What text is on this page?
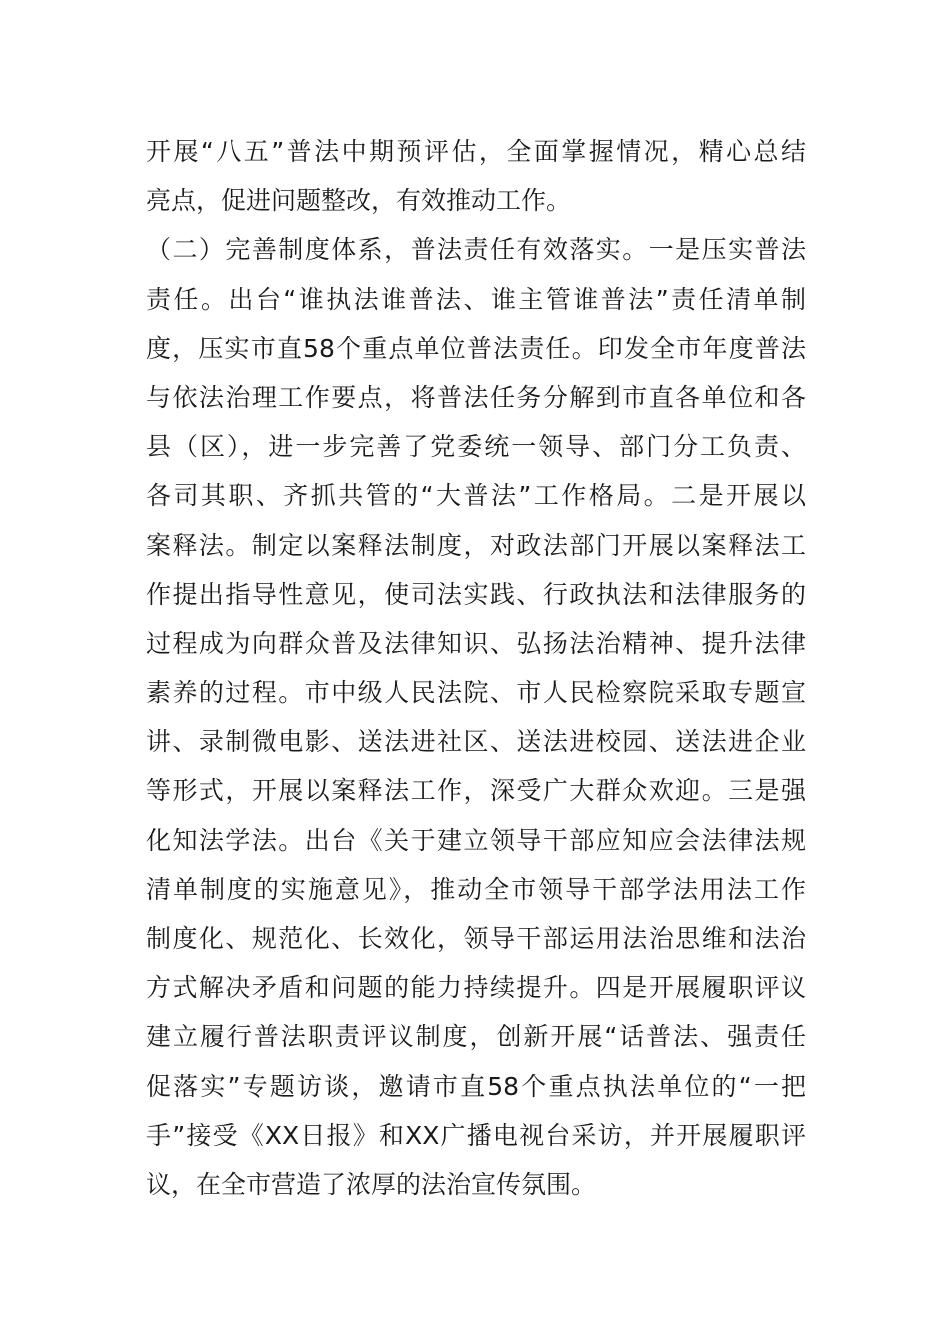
开展“八五”普法中期预评估，全面掌握情况，精心总结
亮点，促进问题整改，有效推动工作。
（二）完善制度体系，普法责任有效落实。一是压实普法
责任。出台“谁执法谁普法、谁主管谁普法”责任清单制
度，压实市直58个重点单位普法责任。印发全市年度普法
与依法治理工作要点，将普法任务分解到市直各单位和各
县（区），进一步完善了党委统一领导、部门分工负责、
各司其职、齐抓共管的“大普法”工作格局。二是开展以
案释法。制定以案释法制度，对政法部门开展以案释法工
作提出指导性意见，使司法实践、行政执法和法律服务的
过程成为向群众普及法律知识、弘扬法治精神、提升法律
素养的过程。市中级人民法院、市人民检察院采取专题宣
讲、录制微电影、送法进社区、送法进校园、送法进企业
等形式，开展以案释法工作，深受广大群众欢迎。三是强
化知法学法。出台《关于建立领导干部应知应会法律法规
清单制度的实施意见》，推动全市领导干部学法用法工作
制度化、规范化、长效化，领导干部运用法治思维和法治
方式解决矛盾和问题的能力持续提升。四是开展履职评议
建立履行普法职责评议制度，创新开展“话普法、强责任
促落实”专题访谈，邀请市直58个重点执法单位的“一把
手”接受《XX日报》和XX广播电视台采访，并开展履职评
议，在全市营造了浓厚的法治宣传氛围。
